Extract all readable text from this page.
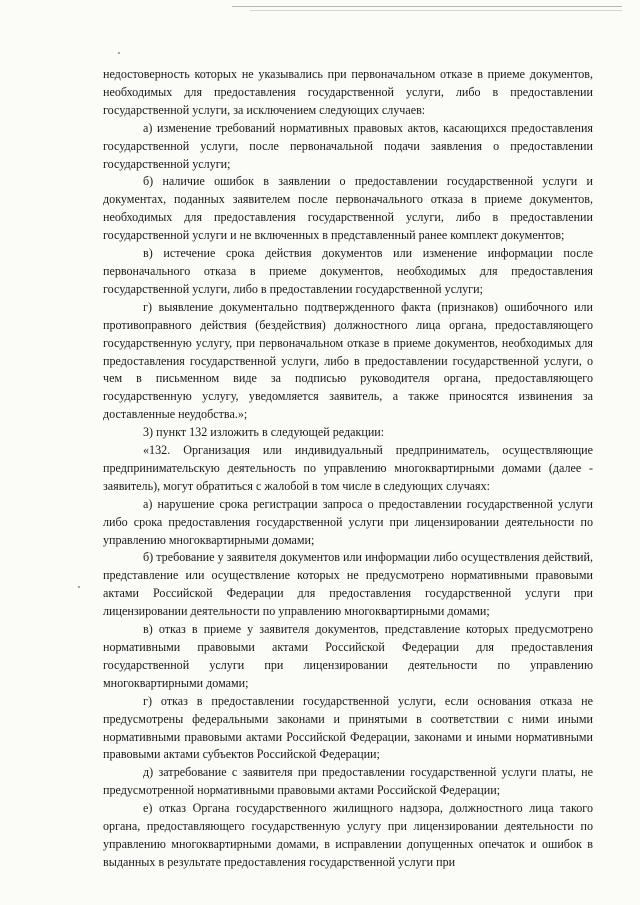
недостоверность которых не указывались при первоначальном отказе в приеме документов, необходимых для предоставления государственной услуги, либо в предоставлении государственной услуги, за исключением следующих случаев:

а) изменение требований нормативных правовых актов, касающихся предоставления государственной услуги, после первоначальной подачи заявления о предоставлении государственной услуги;

б) наличие ошибок в заявлении о предоставлении государственной услуги и документах, поданных заявителем после первоначального отказа в приеме документов, необходимых для предоставления государственной услуги, либо в предоставлении государственной услуги и не включенных в представленный ранее комплект документов;

в) истечение срока действия документов или изменение информации после первоначального отказа в приеме документов, необходимых для предоставления государственной услуги, либо в предоставлении государственной услуги;

г) выявление документально подтвержденного факта (признаков) ошибочного или противоправного действия (бездействия) должностного лица органа, предоставляющего государственную услугу, при первоначальном отказе в приеме документов, необходимых для предоставления государственной услуги, либо в предоставлении государственной услуги, о чем в письменном виде за подписью руководителя органа, предоставляющего государственную услугу, уведомляется заявитель, а также приносятся извинения за доставленные неудобства.»;

3) пункт 132 изложить в следующей редакции:

«132. Организация или индивидуальный предприниматель, осуществляющие предпринимательскую деятельность по управлению многоквартирными домами (далее - заявитель), могут обратиться с жалобой в том числе в следующих случаях:

а) нарушение срока регистрации запроса о предоставлении государственной услуги либо срока предоставления государственной услуги при лицензировании деятельности по управлению многоквартирными домами;

б) требование у заявителя документов или информации либо осуществления действий, представление или осуществление которых не предусмотрено нормативными правовыми актами Российской Федерации для предоставления государственной услуги при лицензировании деятельности по управлению многоквартирными домами;

в) отказ в приеме у заявителя документов, представление которых предусмотрено нормативными правовыми актами Российской Федерации для предоставления государственной услуги при лицензировании деятельности по управлению многоквартирными домами;

г) отказ в предоставлении государственной услуги, если основания отказа не предусмотрены федеральными законами и принятыми в соответствии с ними иными нормативными правовыми актами Российской Федерации, законами и иными нормативными правовыми актами субъектов Российской Федерации;

д) затребование с заявителя при предоставлении государственной услуги платы, не предусмотренной нормативными правовыми актами Российской Федерации;

е) отказ Органа государственного жилищного надзора, должностного лица такого органа, предоставляющего государственную услугу при лицензировании деятельности по управлению многоквартирными домами, в исправлении допущенных опечаток и ошибок в выданных в результате предоставления государственной услуги при
